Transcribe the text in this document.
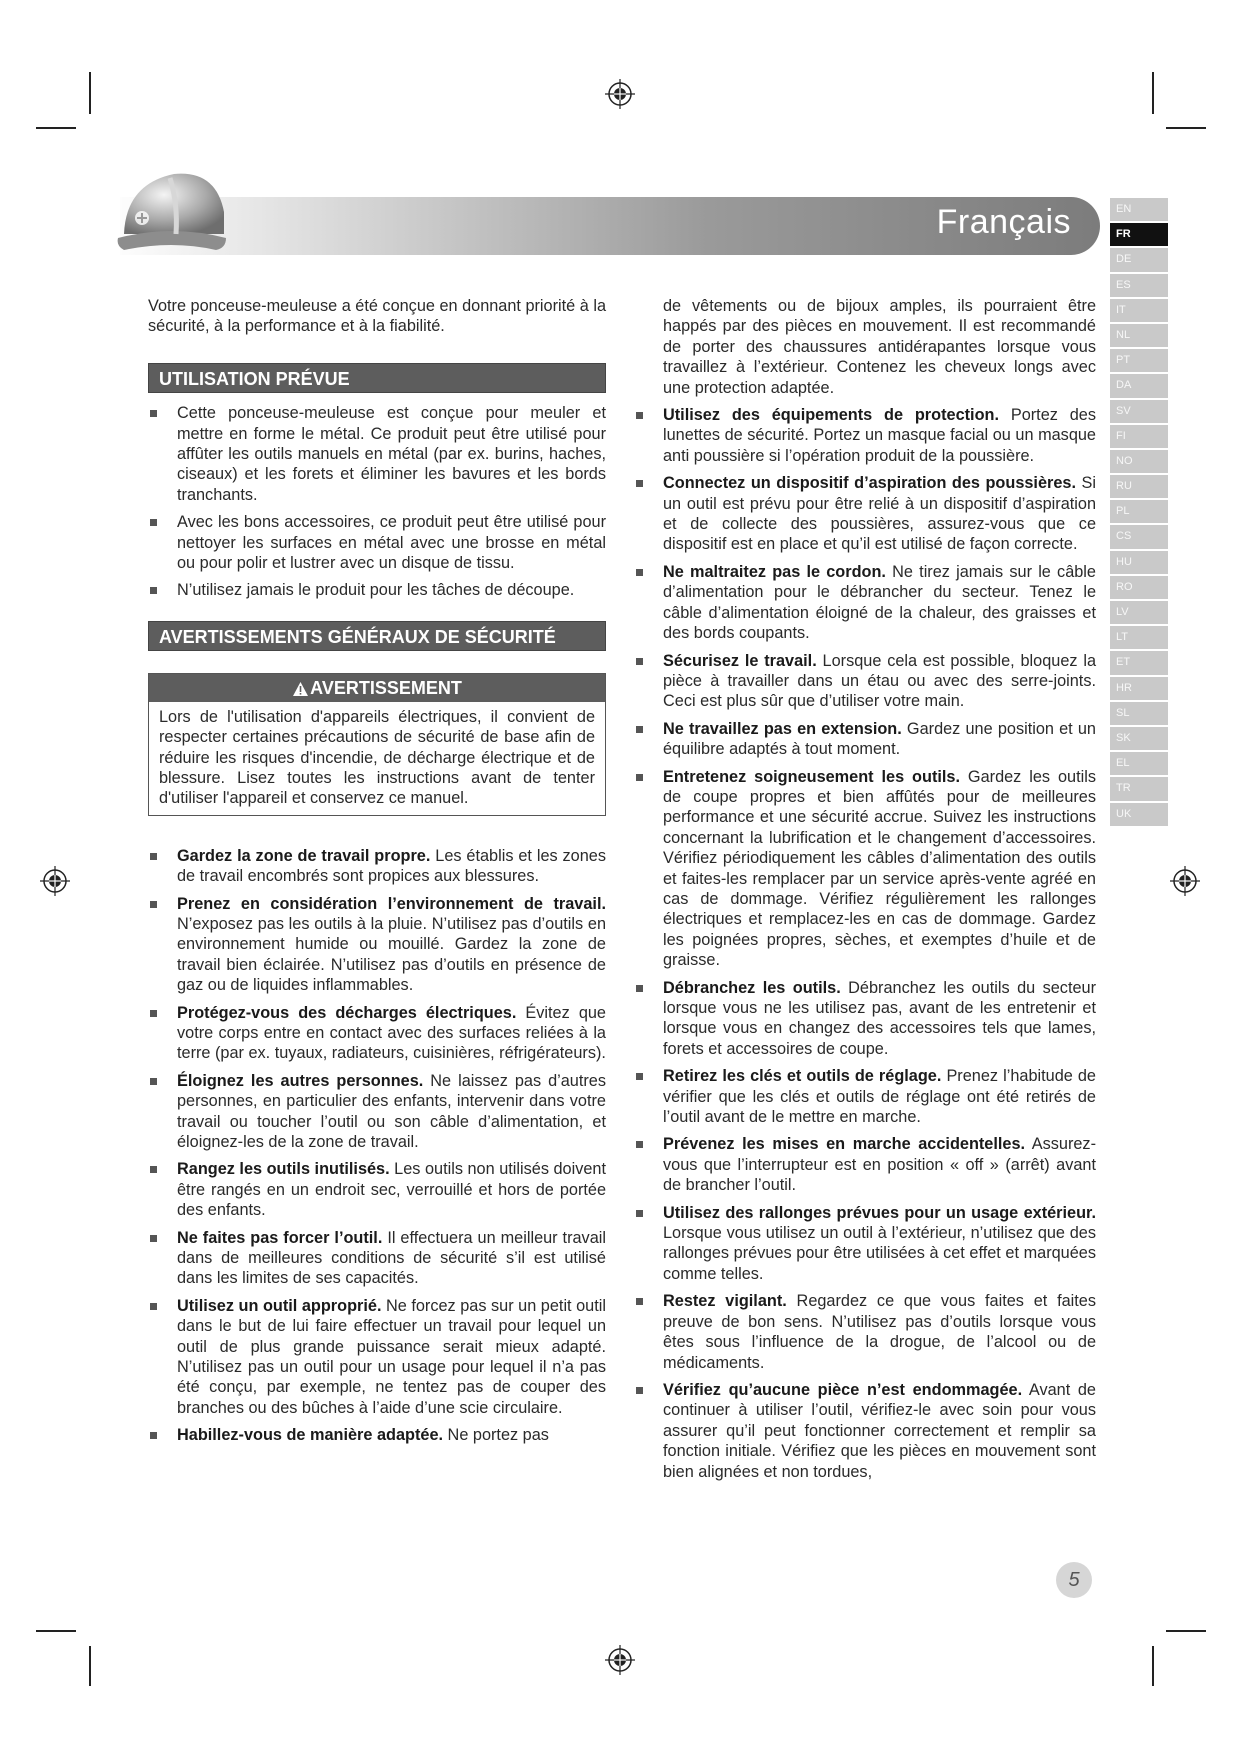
Français	EN
FR
DE
ES
IT
NL
PT
DA
SV
FI
NO
RU
PL
CS
HU
RO
LV
LT
ET
HR
SL
SK
EL
TR
UK

Votre ponceuse-meuleuse a été conçue en donnant priorité à la sécurité, à la performance et à la fiabilité.

UTILISATION PRÉVUE
Cette ponceuse-meuleuse est conçue pour meuler et mettre en forme le métal. Ce produit peut être utilisé pour affûter les outils manuels en métal (par ex. burins, haches, ciseaux) et les forets et éliminer les bavures et les bords tranchants.
Avec les bons accessoires, ce produit peut être utilisé pour nettoyer les surfaces en métal avec une brosse en métal ou pour polir et lustrer avec un disque de tissu.
N’utilisez jamais le produit pour les tâches de découpe.
AVERTISSEMENTS GÉNÉRAUX DE SÉCURITÉ
AVERTISSEMENT
Lors de l'utilisation d'appareils électriques, il convient de respecter certaines précautions de sécurité de base afin de réduire les risques d'incendie, de décharge électrique et de blessure. Lisez toutes les instructions avant de tenter d'utiliser l'appareil et conservez ce manuel.
Gardez la zone de travail propre. Les établis et les zones de travail encombrés sont propices aux blessures.
Prenez en considération l’environnement de travail. N’exposez pas les outils à la pluie. N’utilisez pas d’outils en environnement humide ou mouillé. Gardez la zone de travail bien éclairée. N’utilisez pas d’outils en présence de gaz ou de liquides inflammables.
Protégez-vous des décharges électriques. Évitez que votre corps entre en contact avec des surfaces reliées à la terre (par ex. tuyaux, radiateurs, cuisinières, réfrigérateurs).
Éloignez les autres personnes. Ne laissez pas d’autres personnes, en particulier des enfants, intervenir dans votre travail ou toucher l’outil ou son câble d’alimentation, et éloignez-les de la zone de travail.
Rangez les outils inutilisés. Les outils non utilisés doivent être rangés en un endroit sec, verrouillé et hors de portée des enfants.
Ne faites pas forcer l’outil. Il effectuera un meilleur travail dans de meilleures conditions de sécurité s’il est utilisé dans les limites de ses capacités.
Utilisez un outil approprié. Ne forcez pas sur un petit outil dans le but de lui faire effectuer un travail pour lequel un outil de plus grande puissance serait mieux adapté. N’utilisez pas un outil pour un usage pour lequel il n’a pas été conçu, par exemple, ne tentez pas de couper des branches ou des bûches à l’aide d’une scie circulaire.
Habillez-vous de manière adaptée. Ne portez pas
de vêtements ou de bijoux amples, ils pourraient être happés par des pièces en mouvement. Il est recommandé de porter des chaussures antidérapantes lorsque vous travaillez à l’extérieur. Contenez les cheveux longs avec une protection adaptée.
Utilisez des équipements de protection. Portez des lunettes de sécurité. Portez un masque facial ou un masque anti poussière si l’opération produit de la poussière.
Connectez un dispositif d’aspiration des poussières. Si un outil est prévu pour être relié à un dispositif d’aspiration et de collecte des poussières, assurez-vous que ce dispositif est en place et qu’il est utilisé de façon correcte.
Ne maltraitez pas le cordon. Ne tirez jamais sur le câble d’alimentation pour le débrancher du secteur. Tenez le câble d’alimentation éloigné de la chaleur, des graisses et des bords coupants.
Sécurisez le travail. Lorsque cela est possible, bloquez la pièce à travailler dans un étau ou avec des serre-joints. Ceci est plus sûr que d’utiliser votre main.
Ne travaillez pas en extension. Gardez une position et un équilibre adaptés à tout moment.
Entretenez soigneusement les outils. Gardez les outils de coupe propres et bien affûtés pour de meilleures performance et une sécurité accrue. Suivez les instructions concernant la lubrification et le changement d’accessoires. Vérifiez périodiquement les câbles d’alimentation des outils et faites-les remplacer par un service après-vente agréé en cas de dommage. Vérifiez régulièrement les rallonges électriques et remplacez-les en cas de dommage. Gardez les poignées propres, sèches, et exemptes d’huile et de graisse.
Débranchez les outils. Débranchez les outils du secteur lorsque vous ne les utilisez pas, avant de les entretenir et lorsque vous en changez des accessoires tels que lames, forets et accessoires de coupe.
Retirez les clés et outils de réglage. Prenez l’habitude de vérifier que les clés et outils de réglage ont été retirés de l’outil avant de le mettre en marche.
Prévenez les mises en marche accidentelles. Assurez-vous que l’interrupteur est en position « off » (arrêt) avant de brancher l’outil.
Utilisez des rallonges prévues pour un usage extérieur. Lorsque vous utilisez un outil à l’extérieur, n’utilisez que des rallonges prévues pour être utilisées à cet effet et marquées comme telles.
Restez vigilant. Regardez ce que vous faites et faites preuve de bon sens. N’utilisez pas d’outils lorsque vous êtes sous l’influence de la drogue, de l’alcool ou de médicaments.
Vérifiez qu’aucune pièce n’est endommagée. Avant de continuer à utiliser l’outil, vérifiez-le avec soin pour vous assurer qu’il peut fonctionner correctement et remplir sa fonction initiale. Vérifiez que les pièces en mouvement sont bien alignées et non tordues,
5
